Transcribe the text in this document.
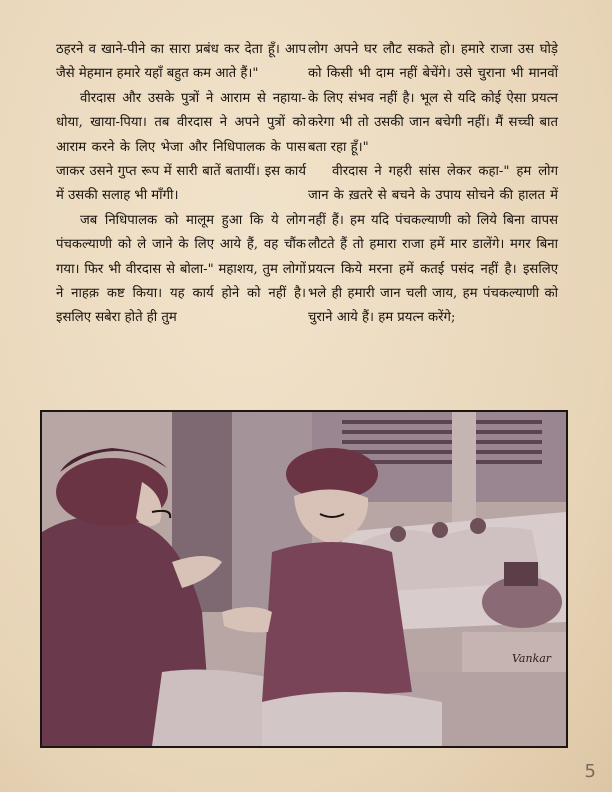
ठहरने व खाने-पीने का सारा प्रबंध कर देता हूँ। आप जैसे मेहमान हमारे यहाँ बहुत कम आते हैं।"

वीरदास और उसके पुत्रों ने आराम से नहाया-धोया, खाया-पिया। तब वीरदास ने अपने पुत्रों को आराम करने के लिए भेजा और निधिपालक के पास जाकर उसने गुप्त रूप में सारी बातें बतायीं। इस कार्य में उसकी सलाह भी माँगी।

जब निधिपालक को मालूम हुआ कि ये लोग पंचकल्याणी को ले जाने के लिए आये हैं, वह चौंक गया। फिर भी वीरदास से बोला-" महाशय, तुम लोगों ने नाहक़ कष्ट किया। यह कार्य होने को नहीं है। इसलिए सबेरा होते ही तुम

लोग अपने घर लौट सकते हो। हमारे राजा उस घोड़े को किसी भी दाम नहीं बेचेंगे। उसे चुराना भी मानवों के लिए संभव नहीं है। भूल से यदि कोई ऐसा प्रयत्न करेगा भी तो उसकी जान बचेगी नहीं। मैं सच्ची बात बता रहा हूँ।"

वीरदास ने गहरी सांस लेकर कहा-" हम लोग जान के ख़तरे से बचने के उपाय सोचने की हालत में नहीं हैं। हम यदि पंचकल्याणी को लिये बिना वापस लौटते हैं तो हमारा राजा हमें मार डालेंगे। मगर बिना प्रयत्न किये मरना हमें कतई पसंद नहीं है। इसलिए भले ही हमारी जान चली जाय, हम पंचकल्याणी को चुराने आये हैं। हम प्रयत्न करेंगे;

Vankar
5
